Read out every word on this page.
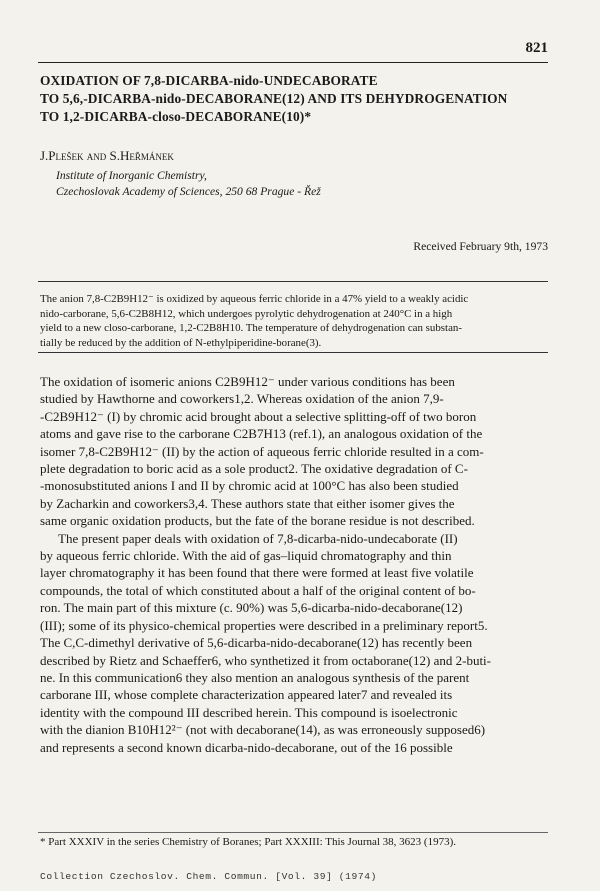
821
OXIDATION OF 7,8-DICARBA-nido-UNDECABORATE
TO 5,6,-DICARBA-nido-DECABORANE(12) AND ITS DEHYDROGENATION
TO 1,2-DICARBA-closo-DECABORANE(10)*
J.Plešek and S.Heřmánek
Institute of Inorganic Chemistry,
Czechoslovak Academy of Sciences, 250 68 Prague - Řež
Received February 9th, 1973
The anion 7,8-C2B9H12⁻ is oxidized by aqueous ferric chloride in a 47% yield to a weakly acidic
nido-carborane, 5,6-C2B8H12, which undergoes pyrolytic dehydrogenation at 240°C in a high
yield to a new closo-carborane, 1,2-C2B8H10. The temperature of dehydrogenation can substan-
tially be reduced by the addition of N-ethylpiperidine-borane(3).
The oxidation of isomeric anions C2B9H12⁻ under various conditions has been
studied by Hawthorne and coworkers1,2. Whereas oxidation of the anion 7,9-
-C2B9H12⁻ (I) by chromic acid brought about a selective splitting-off of two boron
atoms and gave rise to the carborane C2B7H13 (ref.1), an analogous oxidation of the
isomer 7,8-C2B9H12⁻ (II) by the action of aqueous ferric chloride resulted in a com-
plete degradation to boric acid as a sole product2. The oxidative degradation of C-
-monosubstituted anions I and II by chromic acid at 100°C has also been studied
by Zacharkin and coworkers3,4. These authors state that either isomer gives the
same organic oxidation products, but the fate of the borane residue is not described.
The present paper deals with oxidation of 7,8-dicarba-nido-undecaborate (II)
by aqueous ferric chloride. With the aid of gas–liquid chromatography and thin
layer chromatography it has been found that there were formed at least five volatile
compounds, the total of which constituted about a half of the original content of bo-
ron. The main part of this mixture (c. 90%) was 5,6-dicarba-nido-decaborane(12)
(III); some of its physico-chemical properties were described in a preliminary report5.
The C,C-dimethyl derivative of 5,6-dicarba-nido-decaborane(12) has recently been
described by Rietz and Schaeffer6, who synthetized it from octaborane(12) and 2-buti-
ne. In this communication6 they also mention an analogous synthesis of the parent
carborane III, whose complete characterization appeared later7 and revealed its
identity with the compound III described herein. This compound is isoelectronic
with the dianion B10H12²⁻ (not with decaborane(14), as was erroneously supposed6)
and represents a second known dicarba-nido-decaborane, out of the 16 possible
* Part XXXIV in the series Chemistry of Boranes; Part XXXIII: This Journal 38, 3623 (1973).
Collection Czechoslov. Chem. Commun. [Vol. 39] (1974)
